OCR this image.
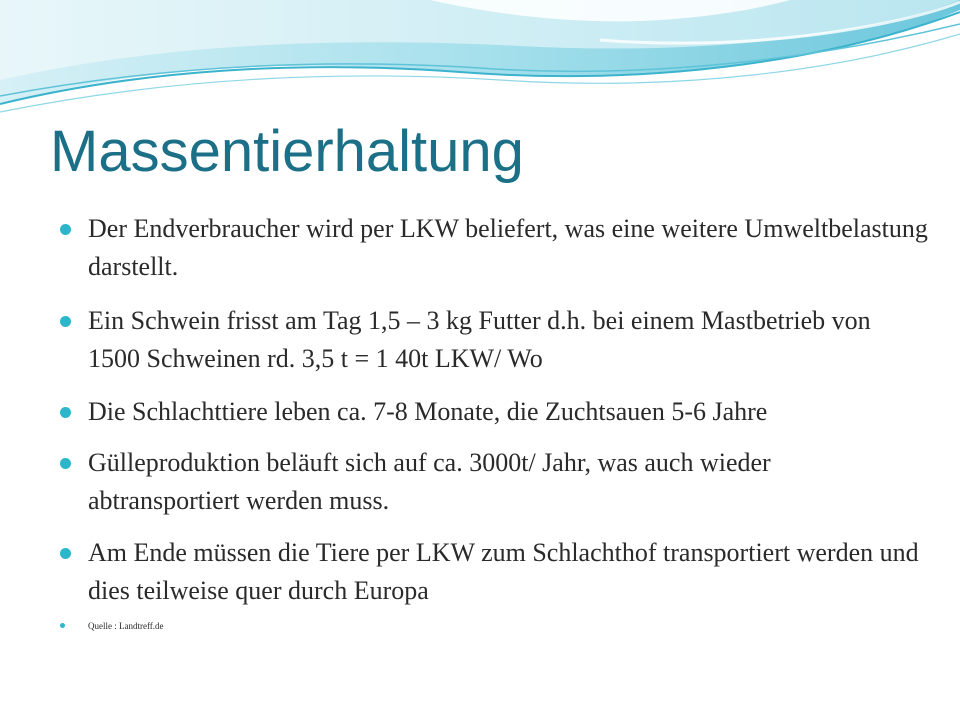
Massentierhaltung
Der Endverbraucher wird per LKW beliefert, was eine weitere Umweltbelastung darstellt.
Ein Schwein frisst am Tag 1,5 – 3 kg Futter d.h. bei einem Mastbetrieb von 1500 Schweinen rd. 3,5 t = 1 40t LKW/ Wo
Die Schlachttiere leben ca. 7-8 Monate, die Zuchtsauen 5-6 Jahre
Gülleproduktion beläuft sich auf ca. 3000t/ Jahr, was auch wieder abtransportiert werden muss.
Am Ende müssen die Tiere per LKW zum Schlachthof transportiert werden und dies teilweise quer durch Europa
Quelle : Landtreff.de
